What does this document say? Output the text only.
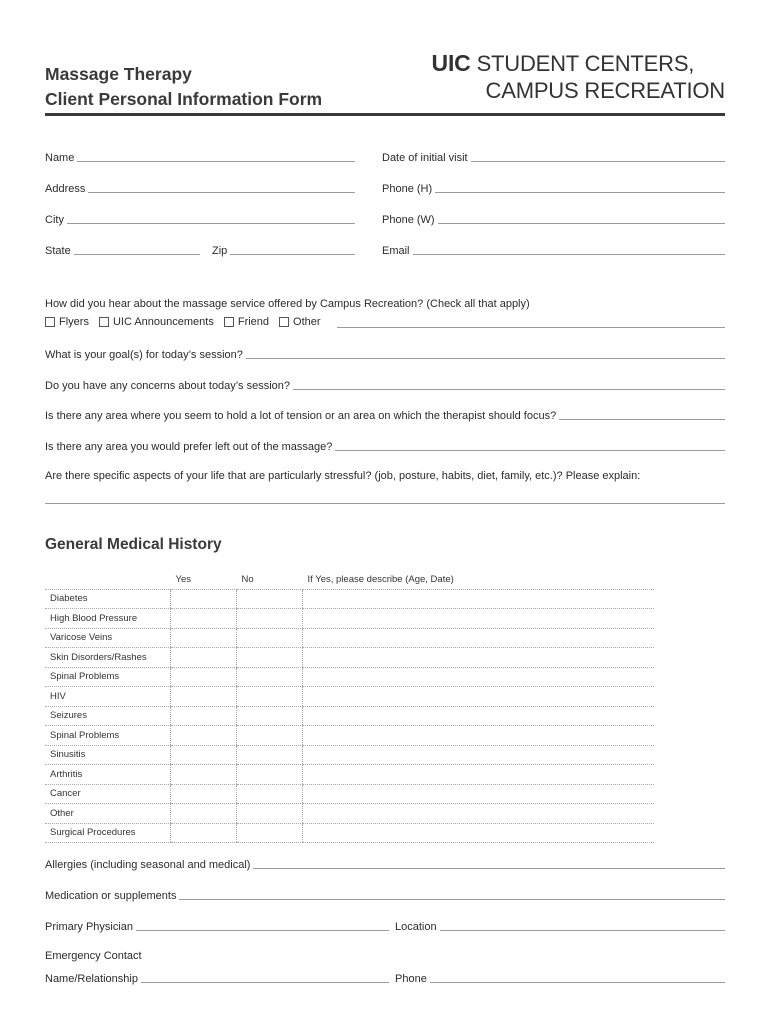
Massage Therapy
Client Personal Information Form
UIC STUDENT CENTERS,
CAMPUS RECREATION
Name	Date of initial visit
Address	Phone (H)
City	Phone (W)
State	Zip	Email
How did you hear about the massage service offered by Campus Recreation? (Check all that apply)
Flyers UIC Announcements Friend Other
What is your goal(s) for today’s session?
Do you have any concerns about today’s session?
Is there any area where you seem to hold a lot of tension or an area on which the therapist should focus?
Is there any area you would prefer left out of the massage?
Are there specific aspects of your life that are particularly stressful? (job, posture, habits, diet, family, etc.)? Please explain:
General Medical History
	Yes	No	If Yes, please describe (Age, Date)
Diabetes			
High Blood Pressure			
Varicose Veins			
Skin Disorders/Rashes			
Spinal Problems			
HIV			
Seizures			
Spinal Problems			
Sinusitis			
Arthritis			
Cancer			
Other			
Surgical Procedures			
Allergies (including seasonal and medical)
Medication or supplements
Primary Physician	Location
Emergency Contact
Name/Relationship	Phone
